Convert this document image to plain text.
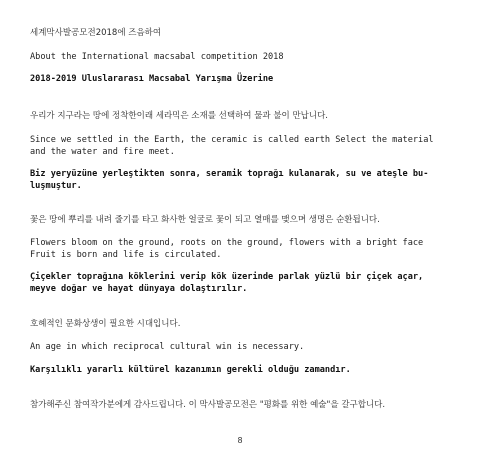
세계막사발공모전2018에 즈음하여
About the International macsabal competition 2018
2018-2019 Uluslararası Macsabal Yarışma Üzerine
우리가 지구라는 땅에 정착한이래 세라믹은 소재를 선택하여 물과 불이 만납니다.
Since we settled in the Earth, the ceramic is called earth Select the material
and the water and fire meet.
Biz yeryüzüne yerleştikten sonra, seramik toprağı kulanarak, su ve ateşle bu-
luşmuştur.
꽃은 땅에 뿌리를 내려 줄기를 타고 화사한 얼굴로 꽃이 되고 열매를 맺으며 생명은 순환됩니다.
Flowers bloom on the ground, roots on the ground, flowers with a bright face
Fruit is born and life is circulated.
Çiçekler toprağına köklerini verip kök üzerinde parlak yüzlü bir çiçek açar,
meyve doğar ve hayat dünyaya dolaştırılır.
호혜적인 문화상생이 필요한 시대입니다.
An age in which reciprocal cultural win is necessary.
Karşılıklı yararlı kültürel kazanımın gerekli olduğu zamandır.
참가해주신 참여작가분에게 감사드립니다. 이 막사발공모전은 "평화를 위한 예술"을 갈구합니다.
8
